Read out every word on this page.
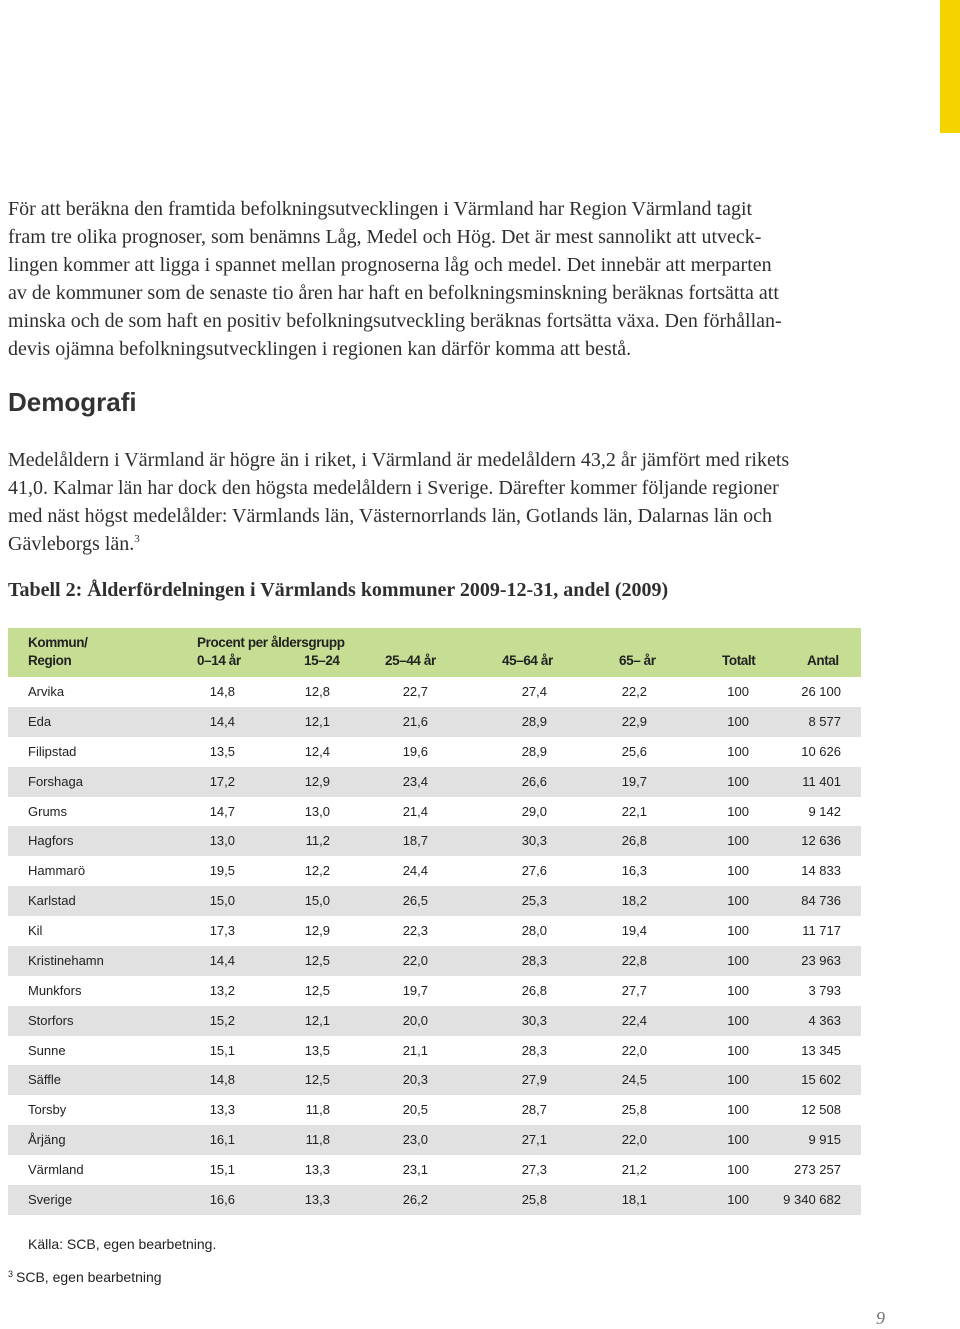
För att beräkna den framtida befolkningsutvecklingen i Värmland har Region Värmland tagit
fram tre olika prognoser, som benämns Låg, Medel och Hög. Det är mest sannolikt att utveck-
lingen kommer att ligga i spannet mellan prognoserna låg och medel. Det innebär att merparten
av de kommuner som de senaste tio åren har haft en befolkningsminskning beräknas fortsätta att
minska och de som haft en positiv befolkningsutveckling beräknas fortsätta växa. Den förhållan-
devis ojämna befolkningsutvecklingen i regionen kan därför komma att bestå.
Demografi
Medelåldern i Värmland är högre än i riket, i Värmland är medelåldern 43,2 år jämfört med rikets
41,0. Kalmar län har dock den högsta medelåldern i Sverige. Därefter kommer följande regioner
med näst högst medelålder: Värmlands län, Västernorrlands län, Gotlands län, Dalarnas län och
Gävleborgs län.$^3$
Tabell 2: Ålderfördelningen i Värmlands kommuner 2009-12-31, andel (2009)
Kommun/	Procent per åldersgrupp
Region	0–14 år	15–24	25–44 år	45–64 år	65– år	Totalt	Antal
Arvika	14,8	12,8	22,7	27,4	22,2	100	26 100
Eda	14,4	12,1	21,6	28,9	22,9	100	8 577
Filipstad	13,5	12,4	19,6	28,9	25,6	100	10 626
Forshaga	17,2	12,9	23,4	26,6	19,7	100	11 401
Grums	14,7	13,0	21,4	29,0	22,1	100	9 142
Hagfors	13,0	11,2	18,7	30,3	26,8	100	12 636
Hammarö	19,5	12,2	24,4	27,6	16,3	100	14 833
Karlstad	15,0	15,0	26,5	25,3	18,2	100	84 736
Kil	17,3	12,9	22,3	28,0	19,4	100	11 717
Kristinehamn	14,4	12,5	22,0	28,3	22,8	100	23 963
Munkfors	13,2	12,5	19,7	26,8	27,7	100	3 793
Storfors	15,2	12,1	20,0	30,3	22,4	100	4 363
Sunne	15,1	13,5	21,1	28,3	22,0	100	13 345
Säffle	14,8	12,5	20,3	27,9	24,5	100	15 602
Torsby	13,3	11,8	20,5	28,7	25,8	100	12 508
Årjäng	16,1	11,8	23,0	27,1	22,0	100	9 915
Värmland	15,1	13,3	23,1	27,3	21,2	100	273 257
Sverige	16,6	13,3	26,2	25,8	18,1	100	9 340 682
Källa: SCB, egen bearbetning.
$^3$ SCB, egen bearbetning
9
